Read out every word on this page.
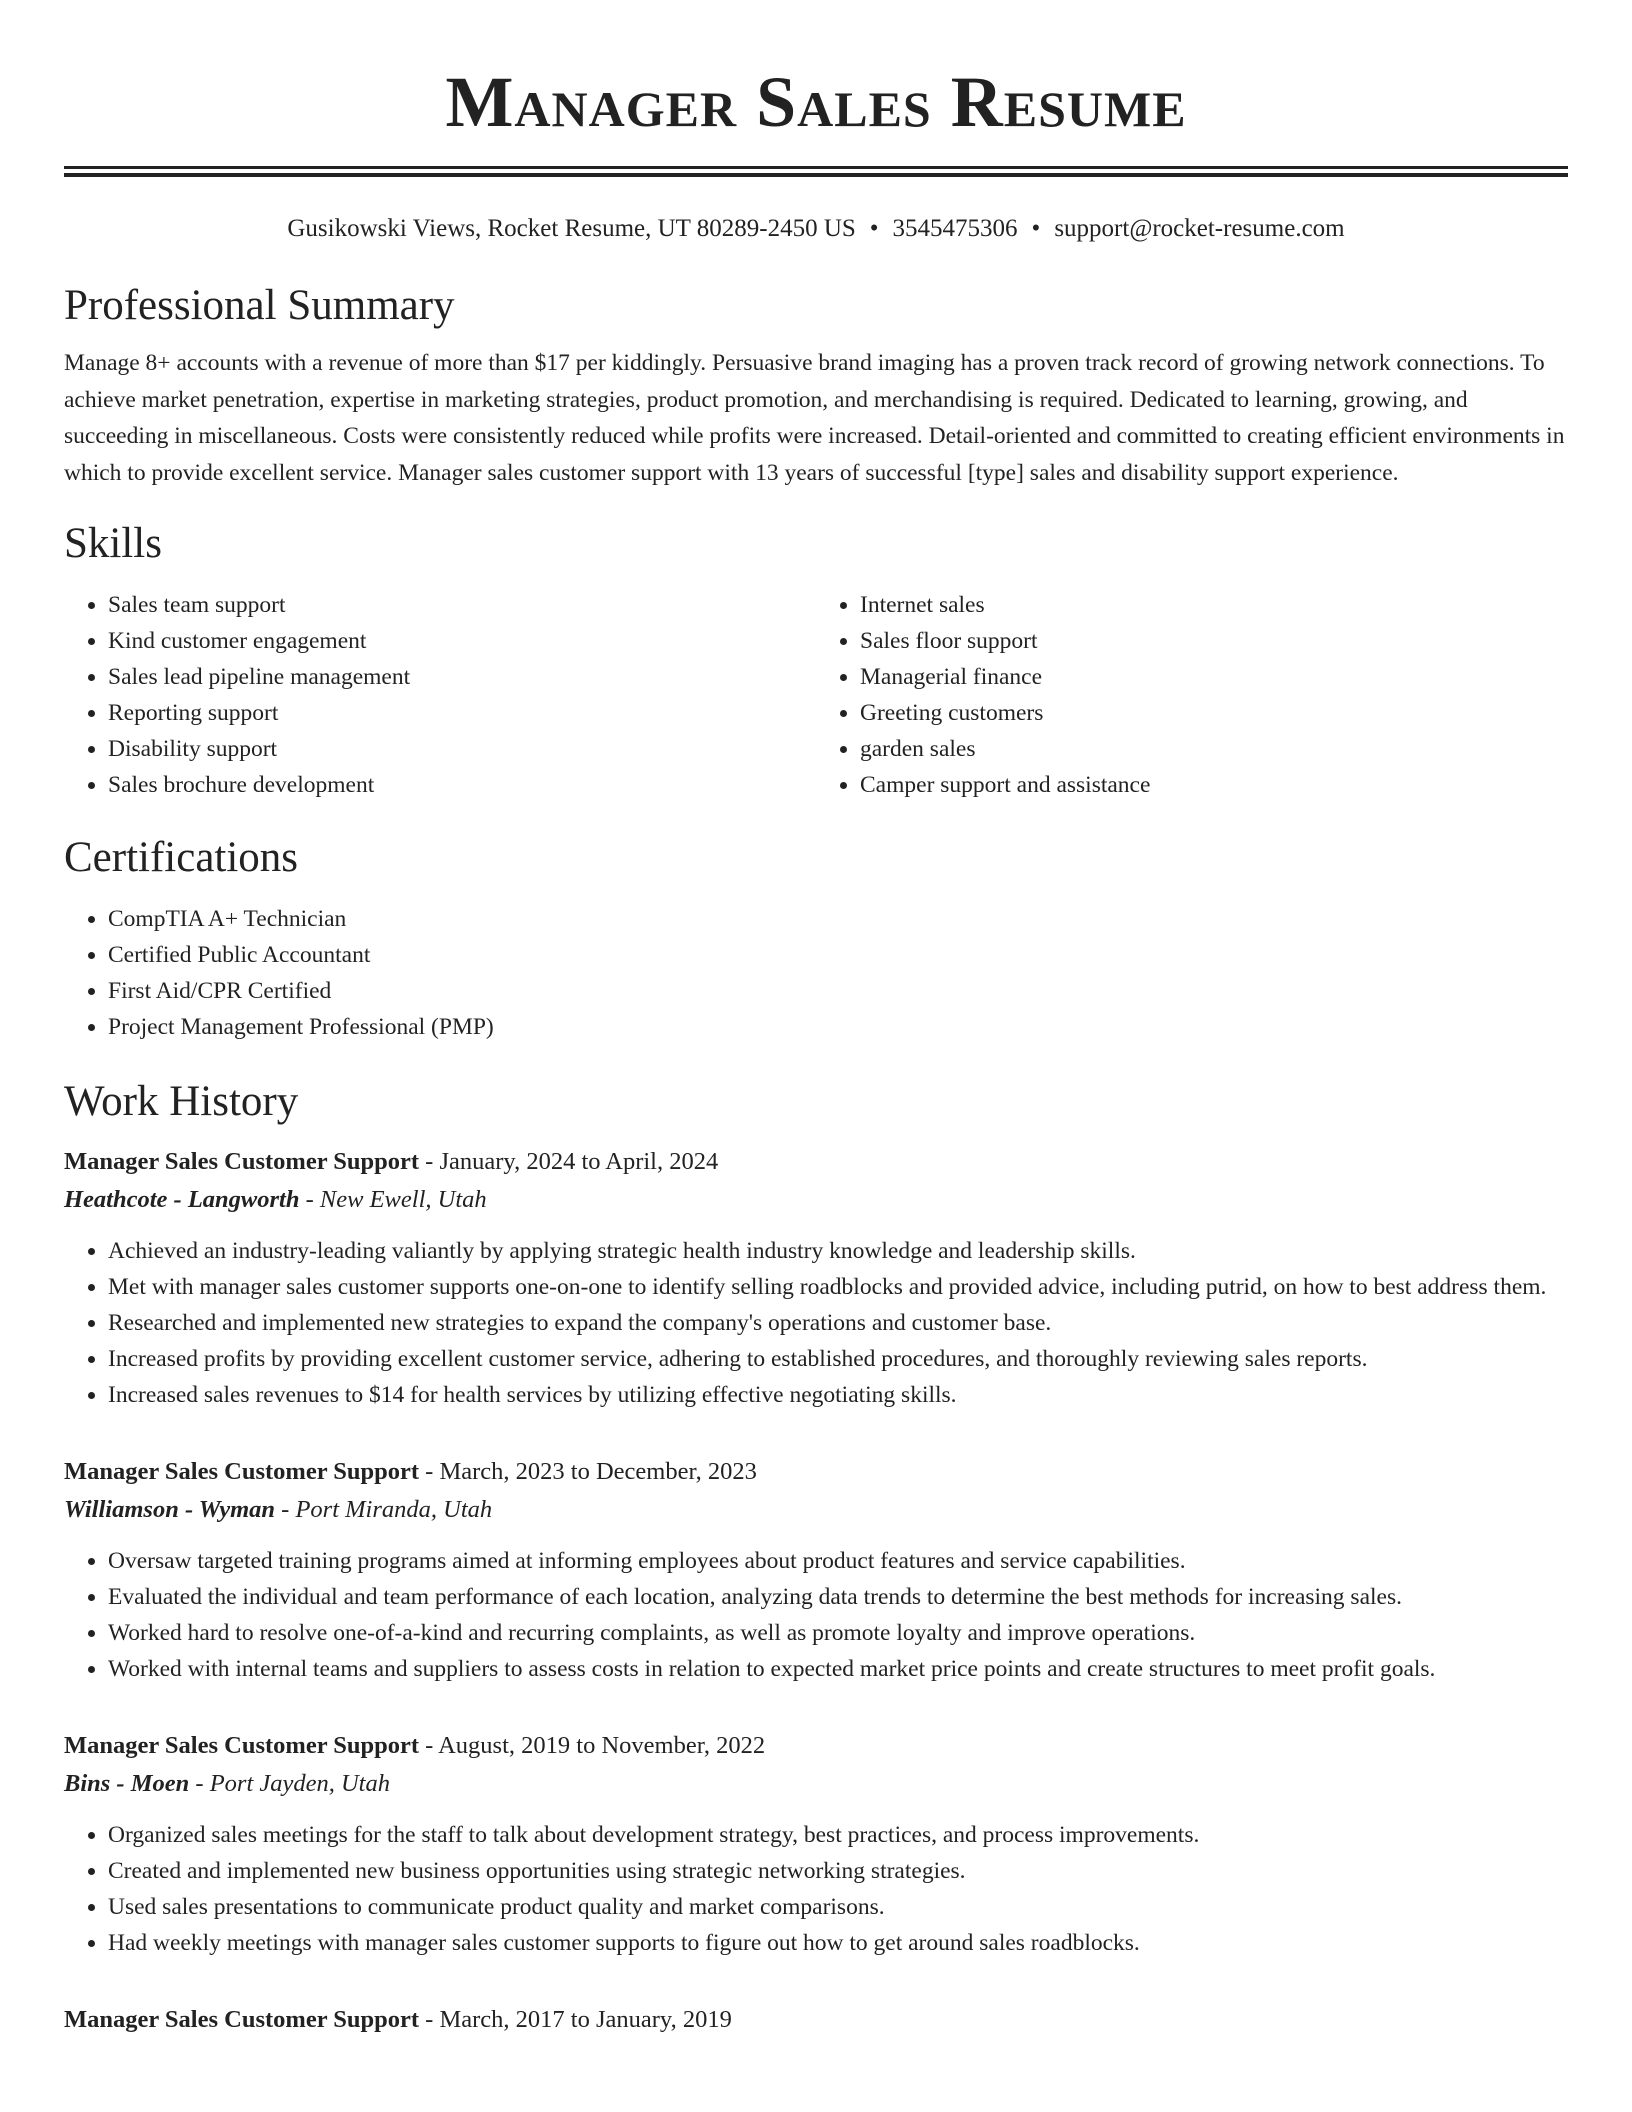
Manager Sales Resume
Gusikowski Views, Rocket Resume, UT 80289-2450 US • 3545475306 • support@rocket-resume.com
Professional Summary

Manage 8+ accounts with a revenue of more than $17 per kiddingly. Persuasive brand imaging has a proven track record of growing network connections. To achieve market penetration, expertise in marketing strategies, product promotion, and merchandising is required. Dedicated to learning, growing, and succeeding in miscellaneous. Costs were consistently reduced while profits were increased. Detail-oriented and committed to creating efficient environments in which to provide excellent service. Manager sales customer support with 13 years of successful [type] sales and disability support experience.

Skills
• Sales team support
• Kind customer engagement
• Sales lead pipeline management
• Reporting support
• Disability support
• Sales brochure development
• Internet sales
• Sales floor support
• Managerial finance
• Greeting customers
• garden sales
• Camper support and assistance
Certifications
• CompTIA A+ Technician
• Certified Public Accountant
• First Aid/CPR Certified
• Project Management Professional (PMP)
Work History
Manager Sales Customer Support - January, 2024 to April, 2024
Heathcote - Langworth - New Ewell, Utah
• Achieved an industry-leading valiantly by applying strategic health industry knowledge and leadership skills.
• Met with manager sales customer supports one-on-one to identify selling roadblocks and provided advice, including putrid, on how to best address them.
• Researched and implemented new strategies to expand the company's operations and customer base.
• Increased profits by providing excellent customer service, adhering to established procedures, and thoroughly reviewing sales reports.
• Increased sales revenues to $14 for health services by utilizing effective negotiating skills.
Manager Sales Customer Support - March, 2023 to December, 2023
Williamson - Wyman - Port Miranda, Utah
• Oversaw targeted training programs aimed at informing employees about product features and service capabilities.
• Evaluated the individual and team performance of each location, analyzing data trends to determine the best methods for increasing sales.
• Worked hard to resolve one-of-a-kind and recurring complaints, as well as promote loyalty and improve operations.
• Worked with internal teams and suppliers to assess costs in relation to expected market price points and create structures to meet profit goals.
Manager Sales Customer Support - August, 2019 to November, 2022
Bins - Moen - Port Jayden, Utah
• Organized sales meetings for the staff to talk about development strategy, best practices, and process improvements.
• Created and implemented new business opportunities using strategic networking strategies.
• Used sales presentations to communicate product quality and market comparisons.
• Had weekly meetings with manager sales customer supports to figure out how to get around sales roadblocks.
Manager Sales Customer Support - March, 2017 to January, 2019
